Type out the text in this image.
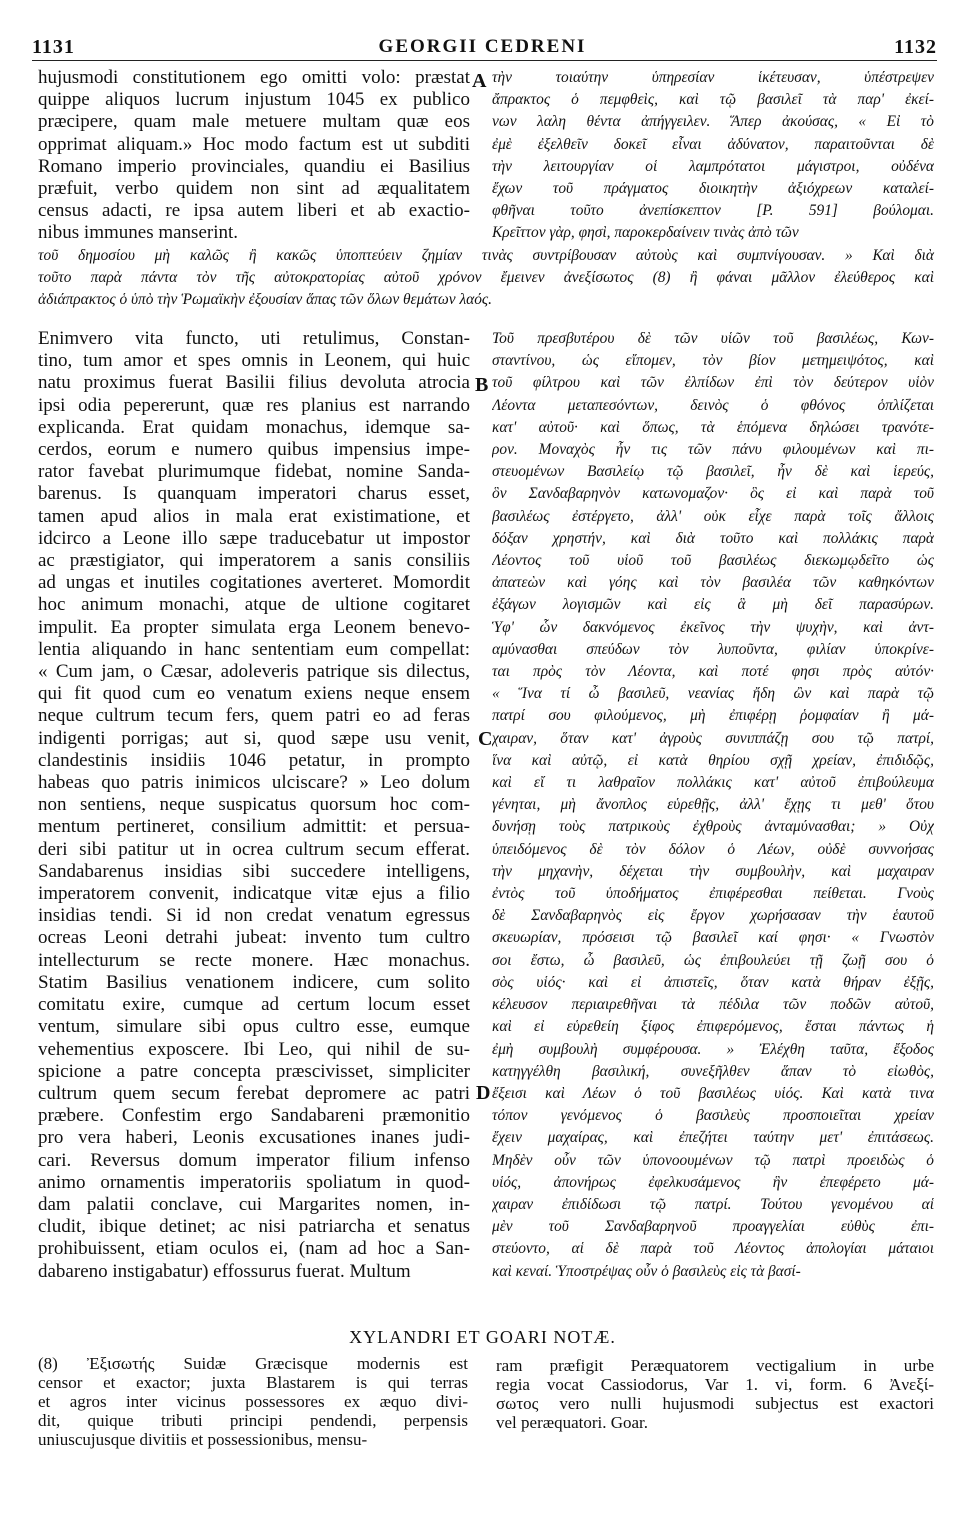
1131	GEORGII CEDRENI	1132
hujusmodi constitutionem ego omitti volo: præstat
quippe aliquos lucrum injustum 1045 ex publico
præcipere, quam male metuere multam quæ eos
opprimat aliquam.» Hoc modo factum est ut subditi
Romano imperio provinciales, quandiu ei Basilius
præfuit, verbo quidem non sint ad æqualitatem
census adacti, re ipsa autem liberi et ab exactio-
nibus immunes manserint.
τὴν τοιαύτην ὑπηρεσίαν ἱκέτευσαν, ὑπέστρεψεν
ἄπρακτος ὁ πεμφθεὶς, καὶ τῷ βασιλεῖ τὰ παρ' ἐκεί-
νων λαλη θέντα ἀπήγγειλεν. Ἅπερ ἀκούσας, « Εἰ τὸ
ἐμὲ ἐξελθεῖν δοκεῖ εἶναι ἀδύνατον, παραιτοῦνται δὲ
τὴν λειτουργίαν οἱ λαμπρότατοι μάγιστροι, οὐδένα
ἔχων τοῦ πράγματος διοικητὴν ἀξιόχρεων καταλεί-
φθῆναι τοῦτο ἀνεπίσκεπτον [P. 591] βούλομαι.
Κρεῖττον γὰρ, φησὶ, παροκερδαίνειν τινὰς ἀπὸ τῶν
τοῦ δημοσίου μὴ καλῶς ἢ κακῶς ὑποπτεύειν ζημίαν τινὰς συντρίβουσαν αὐτοὺς καὶ συμπνίγουσαν. » Καὶ διὰ
τοῦτο παρὰ πάντα τὸν τῆς αὐτοκρατορίας αὐτοῦ χρόνον ἔμεινεν ἀνεξίσωτος (8) ἢ φάναι μᾶλλον ἐλεύθερος καὶ
ἀδιάπρακτος ὁ ὑπὸ τὴν Ῥωμαϊκὴν ἐξουσίαν ἅπας τῶν ὅλων θεμάτων λαός.
Enimvero vita functo, uti retulimus, Constan-
tino, tum amor et spes omnis in Leonem, qui huic
natu proximus fuerat Basilii filius devoluta atrocia
ipsi odia pepererunt, quæ res planius est narrando
explicanda. Erat quidam monachus, idemque sa-
cerdos, eorum e numero quibus impensius impe-
rator favebat plurimumque fidebat, nomine Sanda-
barenus. Is quanquam imperatori charus esset,
tamen apud alios in mala erat existimatione, et
idcirco a Leone illo sæpe traducebatur ut impostor
ac præstigiator, qui imperatorem a sanis consiliis
ad ungas et inutiles cogitationes averteret. Momordit
hoc animum monachi, atque de ultione cogitaret
impulit. Ea propter simulata erga Leonem benevo-
lentia aliquando in hanc sententiam eum compellat:
« Cum jam, o Cæsar, adoleveris patrique sis dilectus,
qui fit quod cum eo venatum exiens neque ensem
neque cultrum tecum fers, quem patri eo ad feras
indigenti porrigas; aut si, quod sæpe usu venit,
clandestinis insidiis 1046 petatur, in prompto
habeas quo patris inimicos ulciscare? » Leo dolum
non sentiens, neque suspicatus quorsum hoc com-
mentum pertineret, consilium admittit: et persua-
deri sibi patitur ut in ocrea cultrum secum efferat.
Sandabarenus insidias sibi succedere intelligens,
imperatorem convenit, indicatque vitæ ejus a filio
insidias tendi. Si id non credat venatum egressus
ocreas Leoni detrahi jubeat: invento tum cultro
intellecturum se recte monere. Hæc monachus.
Statim Basilius venationem indicere, cum solito
comitatu exire, cumque ad certum locum esset
ventum, simulare sibi opus cultro esse, eumque
vehementius exposcere. Ibi Leo, qui nihil de su-
spicione a patre concepta præscivisset, simpliciter
cultrum quem secum ferebat depromere ac patri
præbere. Confestim ergo Sandabareni præmonitio
pro vera haberi, Leonis excusationes inanes judi-
cari. Reversus domum imperator filium infenso
animo ornamentis imperatoriis spoliatum in quod-
dam palatii conclave, cui Margarites nomen, in-
cludit, ibique detinet; ac nisi patriarcha et senatus
prohibuissent, etiam oculos ei, (nam ad hoc a San-
dabareno instigabatur) effossurus fuerat. Multum
Τοῦ πρεσβυτέρου δὲ τῶν υἱῶν τοῦ βασιλέως, Κων-
σταντίνου, ὡς εἴπομεν, τὸν βίον μετημειψότος, καὶ
τοῦ φίλτρου καὶ τῶν ἐλπίδων ἐπὶ τὸν δεύτερον υἱὸν
Λέοντα μεταπεσόντων, δεινὸς ὁ φθόνος ὁπλίζεται
κατ' αὐτοῦ· καὶ ὅπως, τὰ ἑπόμενα δηλώσει τρανότε-
ρον. Μοναχὸς ἦν τις τῶν πάνυ φιλουμένων καὶ πι-
στευομένων Βασιλείῳ τῷ βασιλεῖ, ἦν δὲ καὶ ἱερεύς,
ὃν Σανδαβαρηνὸν κατωνομαζον· ὃς εἰ καὶ παρὰ τοῦ
βασιλέως ἐστέργετο, ἀλλ' οὐκ εἶχε παρὰ τοῖς ἄλλοις
δόξαν χρηστήν, καὶ διὰ τοῦτο καὶ πολλάκις παρὰ
Λέοντος τοῦ υἱοῦ τοῦ βασιλέως διεκωμῳδεῖτο ὡς
ἀπατεὼν καὶ γόης καὶ τὸν βασιλέα τῶν καθηκόντων
ἐξάγων λογισμῶν καὶ εἰς ἃ μὴ δεῖ παρασύρων.
Ὑφ' ὧν δακνόμενος ἐκεῖνος τὴν ψυχὴν, καὶ ἀντ-
αμύνασθαι σπεύδων τὸν λυποῦντα, φιλίαν ὑποκρίνε-
ται πρὸς τὸν Λέοντα, καὶ ποτέ φησι πρὸς αὐτόν·
« Ἵνα τί ὦ βασιλεῦ, νεανίας ἤδη ὢν καὶ παρὰ τῷ
πατρί σου φιλούμενος, μὴ ἐπιφέρῃ ῥομφαίαν ἢ μά-
χαιραν, ὅταν κατ' ἀγροὺς συνιππάζῃ σου τῷ πατρί,
ἵνα καὶ αὐτῷ, εἰ κατὰ θηρίου σχῇ χρείαν, ἐπιδιδῷς,
καὶ εἴ τι λαθραῖον πολλάκις κατ' αὐτοῦ ἐπιβούλευμα
γένηται, μὴ ἄνοπλος εὑρεθῇς, ἀλλ' ἔχῃς τι μεθ' ὅτου
δυνήσῃ τοὺς πατρικοὺς ἐχθροὺς ἀνταμύνασθαι; » Οὐχ
ὑπειδόμενος δὲ τὸν δόλον ὁ Λέων, οὐδὲ συννοήσας
τὴν μηχανὴν, δέχεται τὴν συμβουλὴν, καὶ μαχαιραν
ἐντὸς τοῦ ὑποδήματος ἐπιφέρεσθαι πείθεται. Γνοὺς
δὲ Σανδαβαρηνὸς εἰς ἔργον χωρήσασαν τὴν ἑαυτοῦ
σκευωρίαν, πρόσεισι τῷ βασιλεῖ καί φησι· « Γνωστὸν
σοι ἔστω, ὦ βασιλεῦ, ὡς ἐπιβουλεύει τῇ ζωῇ σου ὁ
σὸς υἱός· καὶ εἰ ἀπιστεῖς, ὅταν κατὰ θήραν ἐξῇς,
κέλευσον περιαιρεθῆναι τὰ πέδιλα τῶν ποδῶν αὐτοῦ,
καὶ εἰ εὑρεθείη ξίφος ἐπιφερόμενος, ἔσται πάντως ἡ
ἐμὴ συμβουλὴ συμφέρουσα. » Ἐλέχθη ταῦτα, ἔξοδος
κατηγγέλθη βασιλική, συνεξῆλθεν ἅπαν τὸ εἰωθὸς,
ἔξεισι καὶ Λέων ὁ τοῦ βασιλέως υἱός. Καὶ κατὰ τινα
τόπον γενόμενος ὁ βασιλεὺς προσποιεῖται χρείαν
ἔχειν μαχαίρας, καὶ ἐπεζήτει ταύτην μετ' ἐπιτάσεως.
Μηδὲν οὖν τῶν ὑπονοουμένων τῷ πατρὶ προειδὼς ὁ
υἱός, ἀπονήρως ἐφελκυσάμενος ἣν ἐπεφέρετο μά-
χαιραν ἐπιδίδωσι τῷ πατρί. Τούτου γενομένου αἱ
μὲν τοῦ Σανδαβαρηνοῦ προαγγελίαι εὐθὺς ἐπι-
στεύοντο, αἱ δὲ παρὰ τοῦ Λέοντος ἀπολογίαι μάταιοι
καὶ κεναί. Ὑποστρέψας οὖν ὁ βασιλεὺς εἰς τὰ βασί-
A
B
C
D
XYLANDRI ET GOARI NOTÆ.
(8) Ἐξισωτής Suidæ Græcisque modernis est
censor et exactor; juxta Blastarem is qui terras
et agros inter vicinus possessores ex æquo divi-
dit, quique tributi principi pendendi, perpensis
uniuscujusque divitiis et possessionibus, mensu-
ram præfigit Peræquatorem vectigalium in urbe
regia vocat Cassiodorus, Var 1. vi, form. 6 Ἀνεξί-
σωτος vero nulli hujusmodi subjectus est exactori
vel peræquatori. Goar.
